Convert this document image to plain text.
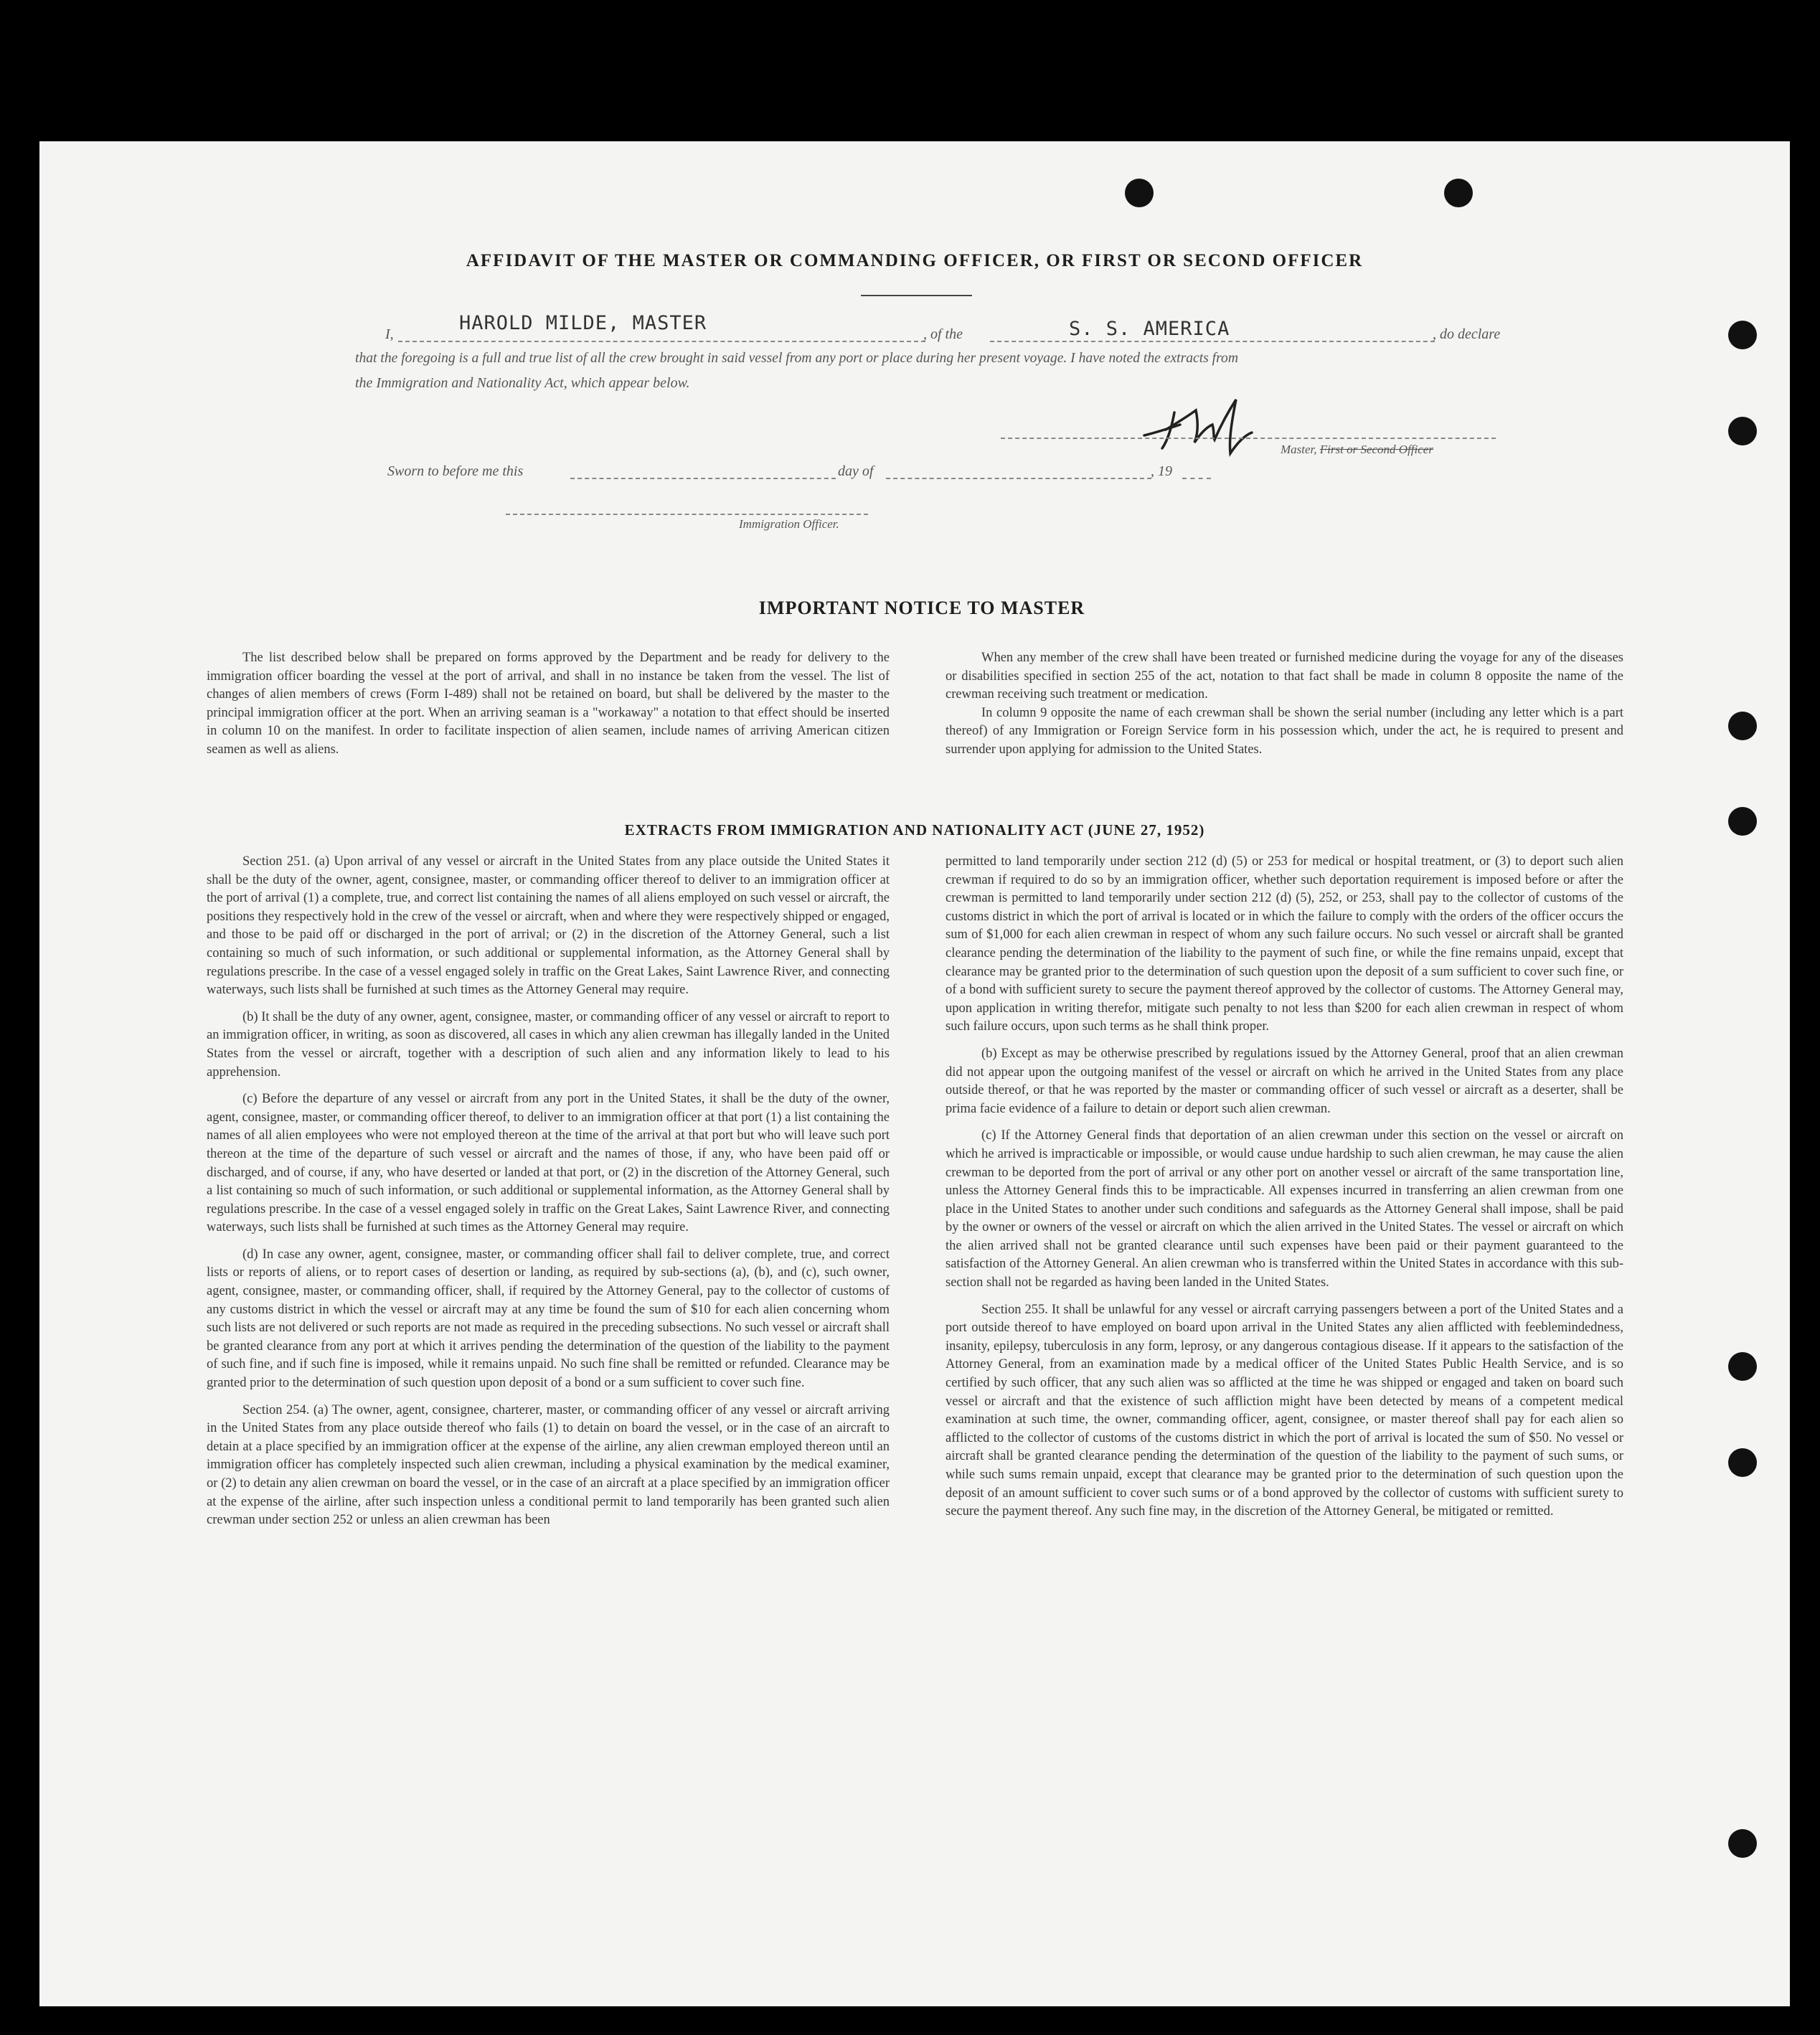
AFFIDAVIT OF THE MASTER OR COMMANDING OFFICER, OR FIRST OR SECOND OFFICER
I,	HAROLD MILDE, MASTER	, of the	S. S. AMERICA	, do declare
that the foregoing is a full and true list of all the crew brought in said vessel from any port or place during her present voyage. I have noted the extracts from
the Immigration and Nationality Act, which appear below.
Master, First or Second Officer
Sworn to before me this	day of	, 19
Immigration Officer.
IMPORTANT NOTICE TO MASTER

The list described below shall be prepared on forms approved by the Department and be ready for delivery to the immigration officer boarding the vessel at the port of arrival, and shall in no instance be taken from the vessel. The list of changes of alien members of crews (Form I-489) shall not be retained on board, but shall be delivered by the master to the principal immigration officer at the port. When an arriving seaman is a "workaway" a notation to that effect should be inserted in column 10 on the manifest. In order to facilitate inspection of alien seamen, include names of arriving American citizen seamen as well as aliens.

When any member of the crew shall have been treated or furnished medicine during the voyage for any of the diseases or disabilities specified in section 255 of the act, notation to that fact shall be made in column 8 opposite the name of the crewman receiving such treatment or medication.

In column 9 opposite the name of each crewman shall be shown the serial number (including any letter which is a part thereof) of any Immigration or Foreign Service form in his possession which, under the act, he is required to present and surrender upon applying for admission to the United States.

EXTRACTS FROM IMMIGRATION AND NATIONALITY ACT (JUNE 27, 1952)

Section 251. (a) Upon arrival of any vessel or aircraft in the United States from any place outside the United States it shall be the duty of the owner, agent, consignee, master, or commanding officer thereof to deliver to an immigration officer at the port of arrival (1) a complete, true, and correct list containing the names of all aliens employed on such vessel or aircraft, the positions they respectively hold in the crew of the vessel or aircraft, when and where they were respectively shipped or engaged, and those to be paid off or discharged in the port of arrival; or (2) in the discretion of the Attorney General, such a list containing so much of such information, or such additional or supplemental information, as the Attorney General shall by regulations prescribe. In the case of a vessel engaged solely in traffic on the Great Lakes, Saint Lawrence River, and connecting waterways, such lists shall be furnished at such times as the Attorney General may require.

(b) It shall be the duty of any owner, agent, consignee, master, or commanding officer of any vessel or aircraft to report to an immigration officer, in writing, as soon as discovered, all cases in which any alien crewman has illegally landed in the United States from the vessel or aircraft, together with a description of such alien and any information likely to lead to his apprehension.

(c) Before the departure of any vessel or aircraft from any port in the United States, it shall be the duty of the owner, agent, consignee, master, or commanding officer thereof, to deliver to an immigration officer at that port (1) a list containing the names of all alien employees who were not employed thereon at the time of the arrival at that port but who will leave such port thereon at the time of the departure of such vessel or aircraft and the names of those, if any, who have been paid off or discharged, and of course, if any, who have deserted or landed at that port, or (2) in the discretion of the Attorney General, such a list containing so much of such information, or such additional or supplemental information, as the Attorney General shall by regulations prescribe. In the case of a vessel engaged solely in traffic on the Great Lakes, Saint Lawrence River, and connecting waterways, such lists shall be furnished at such times as the Attorney General may require.

(d) In case any owner, agent, consignee, master, or commanding officer shall fail to deliver complete, true, and correct lists or reports of aliens, or to report cases of desertion or landing, as required by sub-sections (a), (b), and (c), such owner, agent, consignee, master, or commanding officer, shall, if required by the Attorney General, pay to the collector of customs of any customs district in which the vessel or aircraft may at any time be found the sum of $10 for each alien concerning whom such lists are not delivered or such reports are not made as required in the preceding subsections. No such vessel or aircraft shall be granted clearance from any port at which it arrives pending the determination of the question of the liability to the payment of such fine, and if such fine is imposed, while it remains unpaid. No such fine shall be remitted or refunded. Clearance may be granted prior to the determination of such question upon deposit of a bond or a sum sufficient to cover such fine.

Section 254. (a) The owner, agent, consignee, charterer, master, or commanding officer of any vessel or aircraft arriving in the United States from any place outside thereof who fails (1) to detain on board the vessel, or in the case of an aircraft to detain at a place specified by an immigration officer at the expense of the airline, any alien crewman employed thereon until an immigration officer has completely inspected such alien crewman, including a physical examination by the medical examiner, or (2) to detain any alien crewman on board the vessel, or in the case of an aircraft at a place specified by an immigration officer at the expense of the airline, after such inspection unless a conditional permit to land temporarily has been granted such alien crewman under section 252 or unless an alien crewman has been

permitted to land temporarily under section 212 (d) (5) or 253 for medical or hospital treatment, or (3) to deport such alien crewman if required to do so by an immigration officer, whether such deportation requirement is imposed before or after the crewman is permitted to land temporarily under section 212 (d) (5), 252, or 253, shall pay to the collector of customs of the customs district in which the port of arrival is located or in which the failure to comply with the orders of the officer occurs the sum of $1,000 for each alien crewman in respect of whom any such failure occurs. No such vessel or aircraft shall be granted clearance pending the determination of the liability to the payment of such fine, or while the fine remains unpaid, except that clearance may be granted prior to the determination of such question upon the deposit of a sum sufficient to cover such fine, or of a bond with sufficient surety to secure the payment thereof approved by the collector of customs. The Attorney General may, upon application in writing therefor, mitigate such penalty to not less than $200 for each alien crewman in respect of whom such failure occurs, upon such terms as he shall think proper.

(b) Except as may be otherwise prescribed by regulations issued by the Attorney General, proof that an alien crewman did not appear upon the outgoing manifest of the vessel or aircraft on which he arrived in the United States from any place outside thereof, or that he was reported by the master or commanding officer of such vessel or aircraft as a deserter, shall be prima facie evidence of a failure to detain or deport such alien crewman.

(c) If the Attorney General finds that deportation of an alien crewman under this section on the vessel or aircraft on which he arrived is impracticable or impossible, or would cause undue hardship to such alien crewman, he may cause the alien crewman to be deported from the port of arrival or any other port on another vessel or aircraft of the same transportation line, unless the Attorney General finds this to be impracticable. All expenses incurred in transferring an alien crewman from one place in the United States to another under such conditions and safeguards as the Attorney General shall impose, shall be paid by the owner or owners of the vessel or aircraft on which the alien arrived in the United States. The vessel or aircraft on which the alien arrived shall not be granted clearance until such expenses have been paid or their payment guaranteed to the satisfaction of the Attorney General. An alien crewman who is transferred within the United States in accordance with this sub-section shall not be regarded as having been landed in the United States.

Section 255. It shall be unlawful for any vessel or aircraft carrying passengers between a port of the United States and a port outside thereof to have employed on board upon arrival in the United States any alien afflicted with feeblemindedness, insanity, epilepsy, tuberculosis in any form, leprosy, or any dangerous contagious disease. If it appears to the satisfaction of the Attorney General, from an examination made by a medical officer of the United States Public Health Service, and is so certified by such officer, that any such alien was so afflicted at the time he was shipped or engaged and taken on board such vessel or aircraft and that the existence of such affliction might have been detected by means of a competent medical examination at such time, the owner, commanding officer, agent, consignee, or master thereof shall pay for each alien so afflicted to the collector of customs of the customs district in which the port of arrival is located the sum of $50. No vessel or aircraft shall be granted clearance pending the determination of the question of the liability to the payment of such sums, or while such sums remain unpaid, except that clearance may be granted prior to the determination of such question upon the deposit of an amount sufficient to cover such sums or of a bond approved by the collector of customs with sufficient surety to secure the payment thereof. Any such fine may, in the discretion of the Attorney General, be mitigated or remitted.
